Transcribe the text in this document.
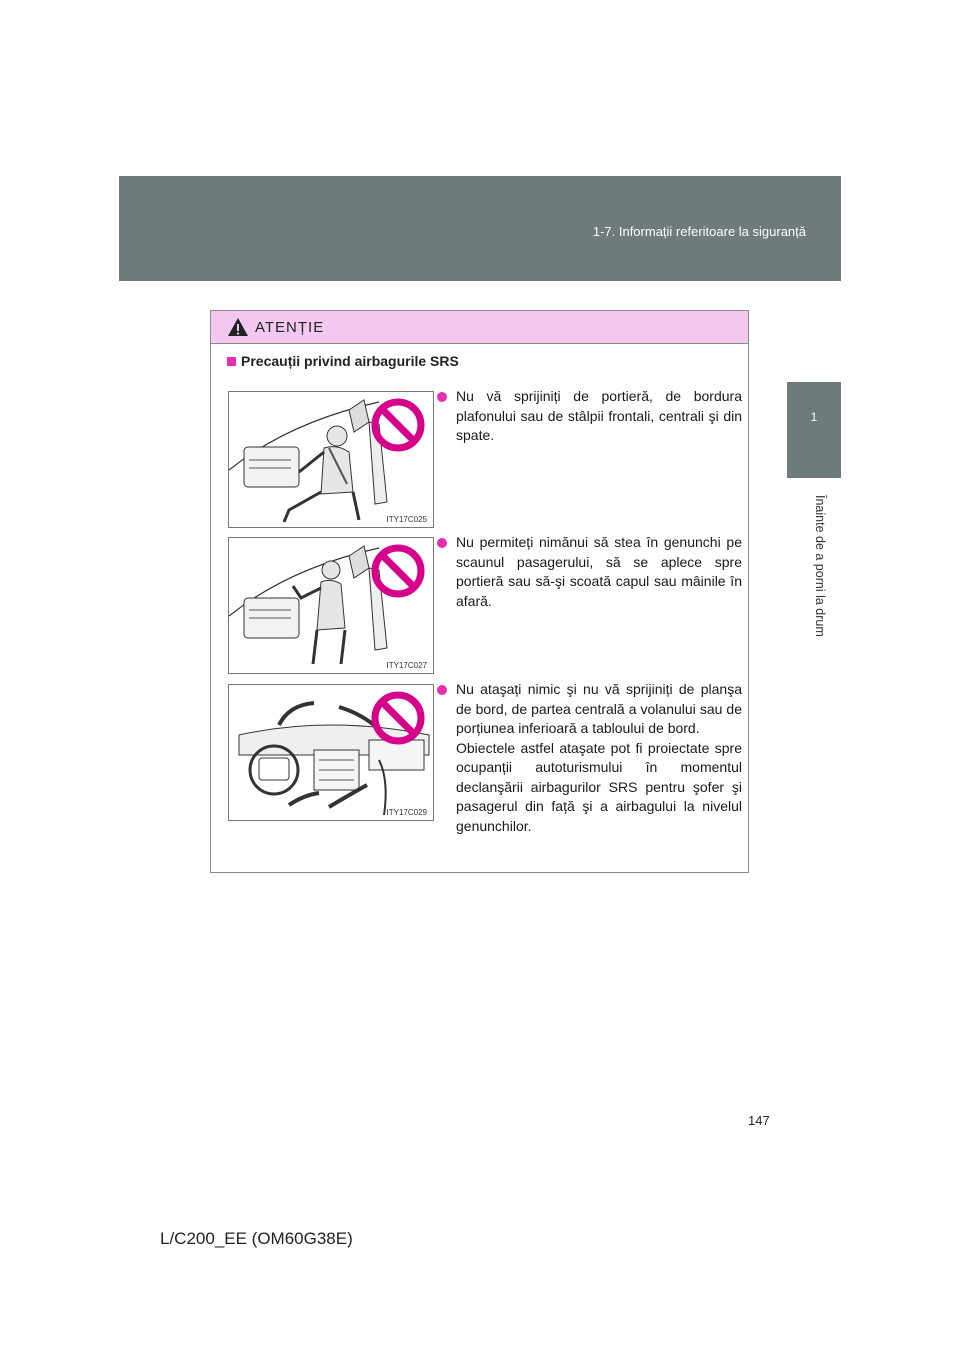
1-7. Informații referitoare la siguranță
1
Înainte de a porni la drum
ATENȚIE
Precauții privind airbagurile SRS
ITY17C025
ITY17C027
ITY17C029
Nu vă sprijiniți de portieră, de bordura plafonului sau de stâlpii frontali, centrali şi din spate.
Nu permiteți nimănui să stea în genunchi pe scaunul pasagerului, să se aplece spre portieră sau să-şi scoată capul sau mâinile în afară.
Nu ataşați nimic şi nu vă sprijiniți de planşa de bord, de partea centrală a volanului sau de porțiunea inferioară a tabloului de bord.
Obiectele astfel ataşate pot fi proiectate spre ocupanții autoturismului în momentul declanşării airbagurilor SRS pentru şofer şi pasagerul din față şi a airbagului la nivelul genunchilor.
147
L/C200_EE (OM60G38E)
